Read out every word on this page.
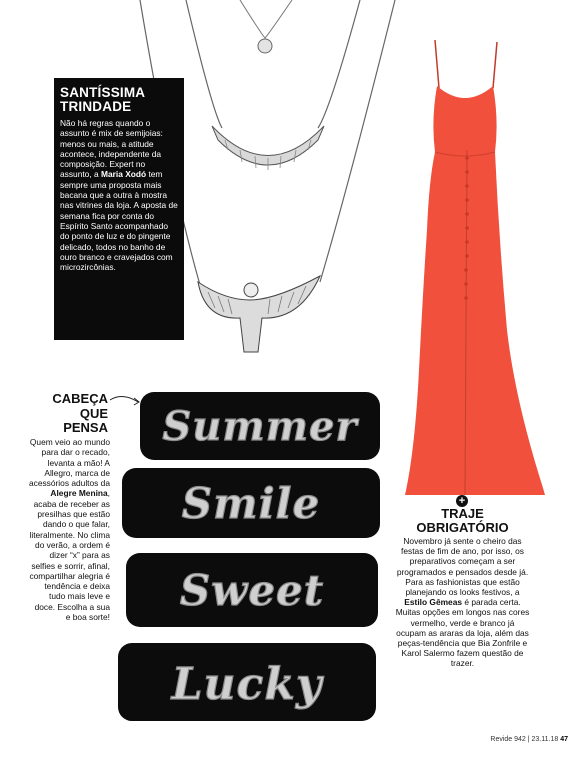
SANTÍSSIMA
TRINDADE

Não há regras quando o assunto é mix de semijoias: menos ou mais, a atitude acontece, independente da composição. Expert no assunto, a Maria Xodó tem sempre uma proposta mais bacana que a outra à mostra nas vitrines da loja. A aposta de semana fica por conta do Espírito Santo acompanhado do ponto de luz e do pingente delicado, todos no banho de ouro branco e cravejados com microzircônias.

+
TRAJE
OBRIGATÓRIO

Novembro já sente o cheiro das festas de fim de ano, por isso, os preparativos começam a ser programados e pensados desde já. Para as fashionistas que estão planejando os looks festivos, a Estilo Gêmeas é parada certa. Muitas opções em longos nas cores vermelho, verde e branco já ocupam as araras da loja, além das peças-tendência que Bia Zonfrile e Karol Salermo fazem questão de trazer.

CABEÇA
QUE
PENSA

Quem veio ao mundo para dar o recado, levanta a mão! A Allegro, marca de acessórios adultos da Alegre Menina, acaba de receber as presilhas que estão dando o que falar, literalmente. No clima do verão, a ordem é dizer “x” para as selfies e sorrir, afinal, compartilhar alegria é tendência e deixa tudo mais leve e doce. Escolha a sua e boa sorte!

Summer
Smile
Sweet
Lucky
Revide 942 | 23.11.18 47
